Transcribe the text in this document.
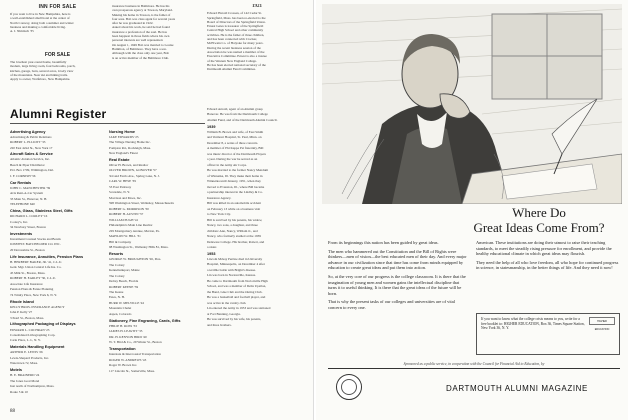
INN FOR SALE
If you want to live in New Hampshire, here is
a well-established small hotel at the center of
North Conway, doing both a summer and winter
business and making a comfortable living.
A. J. Nimitsch '35
FOR SALE
The loveliest year-round home, beautifully
modern, large living room, four bedrooms, porch,
kitchen, garage, barn, several acres, lovely view
of the mountains. Near ski and hiking trails.
Apply to owner, Wolfeboro, New Hampshire.
insurance business in Baltimore. He has his
own prosperous agency at Towson, Maryland.
Making his home in Towson, is the father of
four sons. Bob was class agent for several years
after he was graduated in 1922.
Asked about his work, he said he had found
insurance a profession of the soul. He has
been happiest in those fields where his own
personal interests are well represented.
On August 1, 1949 Bob was married to Louise
Hamilton, of Baltimore. They have a son.
Although with the class only one year, Bob
is an active member of the Baltimore Club.
1921
Edward Harold Crossen, of 142 Cedar St.
Springfield, Mass. has been re-elected to the
Board of Directors of the Springfield Union.
Ernest Gates is treasurer of the Springfield
Central High School and other community
activities. He is the father of three children,
and has been connected with Crocker,
McElwain Co. of Holyoke for many years.
During the recent business session of the
Association he was named a member of the
Executive Committee. Ernest is also a trustee
of the Western New England College.
He has been elected national secretary of the
Dartmouth Alumni Fund Committee.
Alumni Register
Advertising Agency
Advertising & Public Relations
ROBERT L. ELLIOTT '33
220 East 42nd St., New York 17
Aircraft Sales & Service
Atlantic Aviation Service, Inc.
Beech & Piper Distributor
P.O. Box 1709, Wilmington, Del.
J. F. CORNISH '36
Car Rentals
JOHN C. MANCHESTER '39
Avis Rent-A-Car System
33 Main St., Hanover, N. H.
TELEPHONE 640
China, Glass, Stainless Steel, Gifts
RICHARD L. COOLEY '16
Cooley's, Inc.
34 Newbury Street, Boston
Investments
Investment Counsel Stocks and Bonds
JOSEPH P. BATCHELDER CO. INC.
20 Devonshire St., Boston
Life Insurance, Annuities, Pension Plans
H. HERBERT BAKER, JR. '41, C.L.U.
Genl. Mgr. Union Central Life Ins. Co.
45 Milk St., Boston, Mass.
ROBERT H. EARLEY '30, C.L.U.
Associate Life Insurance
Pension Plans & Estate Planning
74 Trinity Place, New York 6, N. Y.
Rhode Island
KELLY BROS. INSURANCE AGENCY
John P. Kelly '27
3 Pearl St., Boston, Mass.
Lithographed Packaging of Displays
EDWARD L. COCHRAN '23
Consolidated Lithographing Corp.
Carle Place, L. I., N. Y.
Materials Handling Equipment
ARTHUR E. LEWIS '26
Lewis-Shepard Products, Inc.
Watertown 72, Mass.
Motels
H. E. BRAINERD '24
The Jones Goal Motel
Just north of Northampton, Mass.
Route 5 & 10
Nursing Home
JAKE EDWARDS '25
The Village Nursing Home Inc.
Pompton Rd., Rockleigh, Mass.
New England's Finest
Real Estate
Oliver H. Brown, and Realtor
OLIVER BROWN, GONOVER '57
3rd and Ferris Ave., Spring Lake, N. J.
CARL W. HESE '39
53 East Parkway
Scarsdale, N. Y.
Morrison and Moes, Inc.
598 Washington Street, Wellesley, Massachusetts
ROBERT G. MORRISON '30
ROBERT H. AUSTIN '37
WILLIAM PUGH '41
Philadelphia's Main Line Realtor
229 Montgomery Avenue, Merion, Pa.
MAHLON W. HILL '31
Hill & Company
98 Washington St., Wellesley Hills 81, Mass.
Resorts
GEORGE W. BROUGHTON '26, Pres.
The Colony
Kennebunkport, Maine
The Colony
Delray Beach, Florida
ROBERT KEENE '39
The Keene
Estes, N. H.
BURR W. MELVILLE '42
Mountain Chalet
Aspen, Colorado
Stationery, Fine Engraving, Cards, Gifts
PHILIP H. ROSS '33
JAMES H. LEAVITT '35
DR. H. KENYON BIRD '40
W. T. Bird & Co., 29 Winter St., Boston
Transportation
Interstate & Intercoastal Transportation
ROGER W. ANDREWS '43
Roger W. Brown Inc.
117 Lincoln St., Somerville, Mass.
Edward Arnold, agent of an Alumni group
Hanover. He was from the Dartmouth College
Alumni Fund, and of the Dartmouth Alumni Council.
1939
William B. Brown and wife, of East Smith
and Vermont Hospital, St. Paul, Minn. on
December 8, a series of three concerts.
A member of Phi Kappa Psi fraternity, Bill
was music director of the Dartmouth Players
a year. During the war he served as an
officer in the Army Air Corps.
He was married to the former Nancy Mendum
of Winnetka, Ill. They make their home in
Winnetka until January, 1951, when they
moved to Evanston, Ill., where Bill became
a partnership interest in the Lindley & Co.
Insurance Agency.
Bill was killed in an automobile accident
on February 13 while on a business visit
to New York City.
Bill is survived by his parents, his widow,
Nancy, two sons, a daughter, and three
children: Ann, Nancy, William Jr., and
Nancy, who formerly studied at the 1939
Delaware College. His brother, Robert, and
a sister.
1953
Lincoln Mckay Perrine died in University
Hospital, Minneapolis, on December 4 after
a terrible battle with Bright's disease.
Lin was born in Nortonville, Kansas.
He came to Dartmouth from Nortonville High
School, and was a member of Delta Upsilon,
the Band, Glee Club and the Outing Club.
He was a basketball and football player, and
was active in the varsity club.
Lin entered the Army in 1953 and was stationed
at Fort Benning, Georgia.
He was survived by his wife, his parents,
and three brothers.
88
Where Do
Great Ideas Come From?

From its beginnings this nation has been guided by great ideas.

The men who hammered out the Constitution and the Bill of Rights were thinkers—men of vision—the best educated men of their day. And every major advance in our civilization since that time has come from minds equipped by education to create great ideas and put them into action.

So, at the very core of our progress is the college classroom. It is there that the imagination of young men and women gains the intellectual discipline that turns it to useful thinking. It is there that the great ideas of the future will be born.

That is why the present tasks of our colleges and universities are of vital concern to every one.

American. These institutions are doing their utmost to raise their teaching standards, to meet the steadily rising pressure for enrollment, and provide the healthy educational climate in which great ideas may flourish.

They need the help of all who love freedom, all who hope for continued progress in science, in statesmanship, in the better things of life. And they need it now!

HIGHER EDUCATION
If you want to know what the college crisis means to you, write for a free booklet to: HIGHER EDUCATION, Box 36, Times Square Station, New York 36, N. Y.
Sponsored as a public service, in cooperation with the Council for Financial Aid to Education, by
DARTMOUTH ALUMNI MAGAZINE
